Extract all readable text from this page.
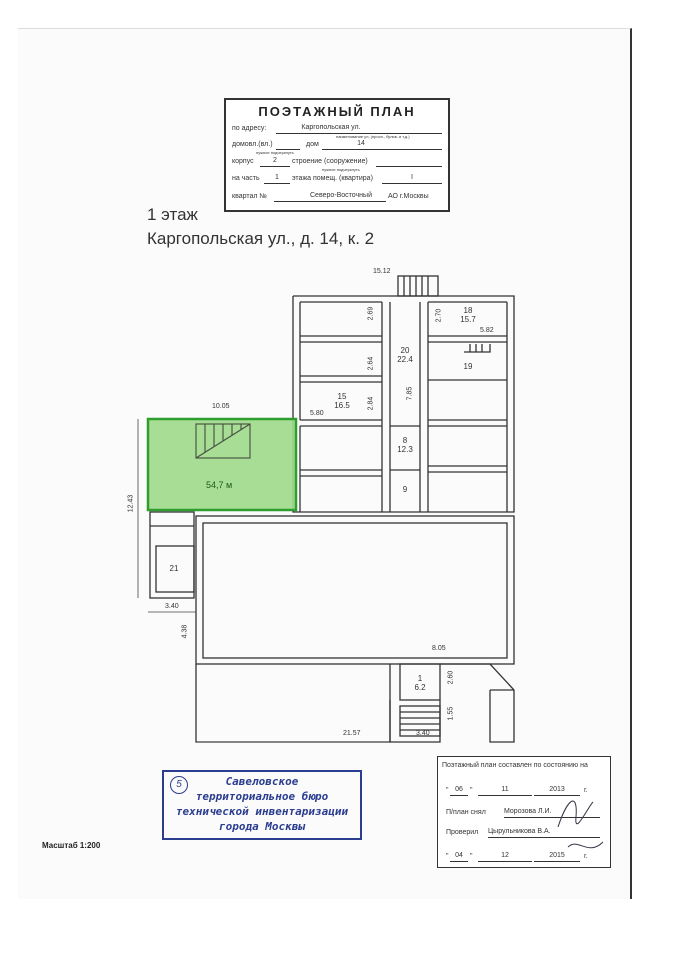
ПОЭТАЖНЫЙ ПЛАН
по адресу:	Каргопольская ул.
наименование ул. (просп., бульв. и т.д.)
домовл.(вл.)	дом	14
нужное подчеркнуть
корпус	2	строение (сооружение)
нужное подчеркнуть
на часть	1	этажа помещ. (квартира)	I
квартал №	Северо-Восточный	АО г.Москвы
1 этаж
Каргопольская ул., д. 14, к. 2
15.12
10.05
12.43
5.80
2.69	2.70
5.82
2.64
2.84
7.85
3.40
4.38
8.05
2.60
1.55
21.57	3.40
18
15.7
20
22.4
19
15
16.5
8
12.3
9
21
1
6.2
54,7 м
5	Савеловское
территориальное бюро
технической инвентаризации
города Москвы
Масштаб 1:200
Поэтажный план составлен по состоянию на
" 06	"	11	2013	г.
П/план снял	Морозова Л.И.
Проверил Цырульникова В.А.
" 04	"	12	2015	г.
